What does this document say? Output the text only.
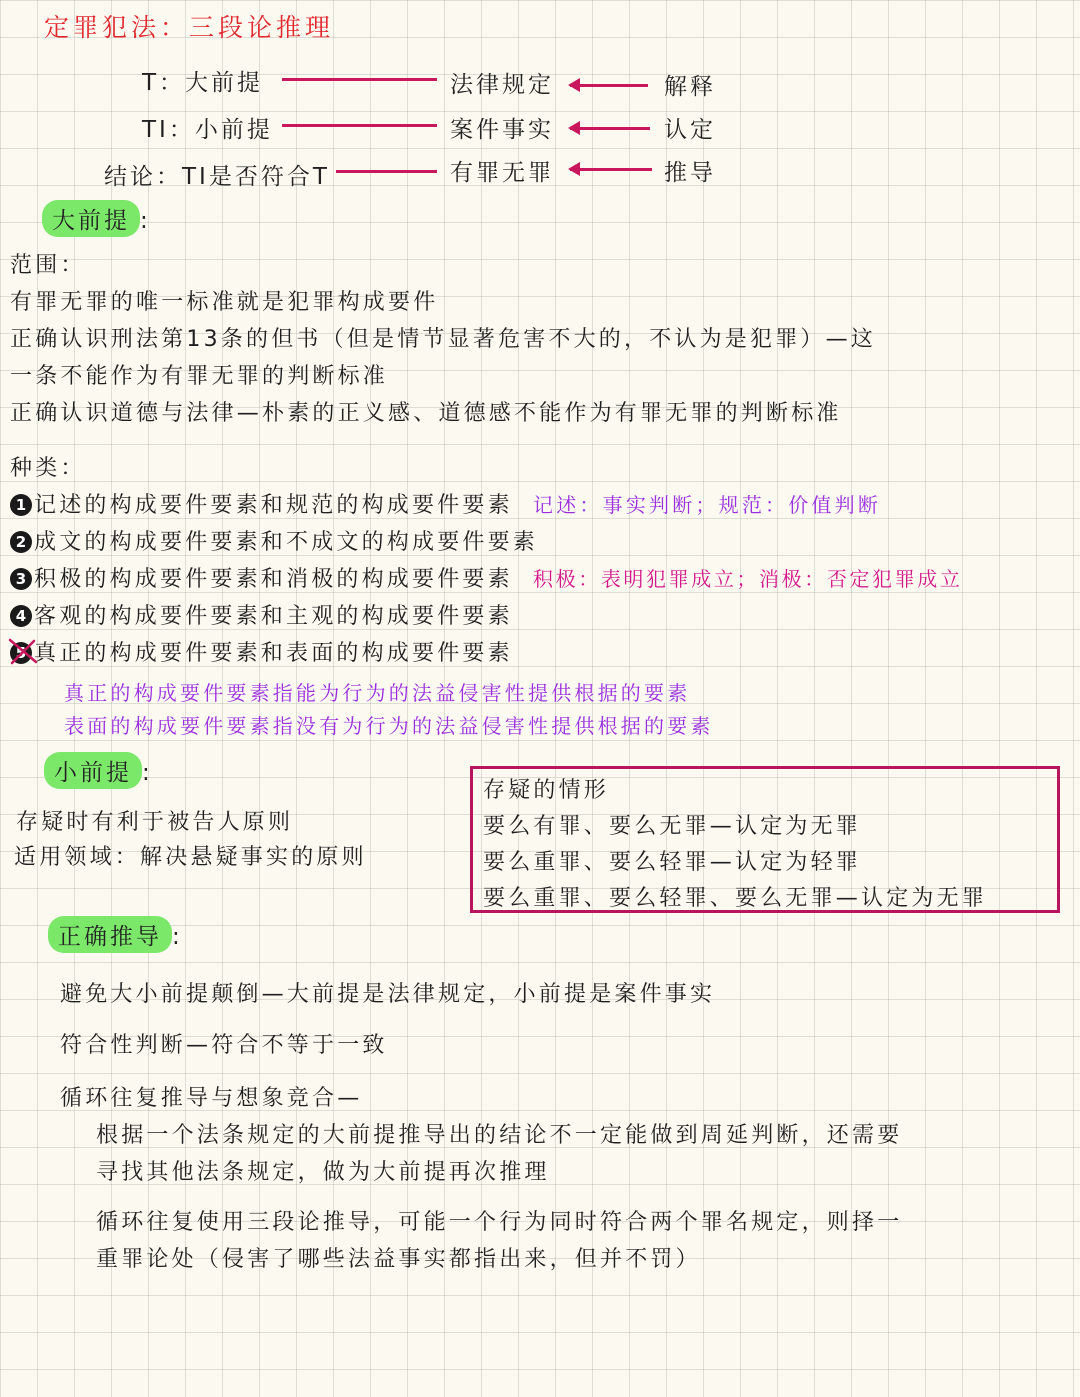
定罪犯法：三段论推理
T：大前提	法律规定	解释
TI：小前提	案件事实	认定
结论：TI是否符合T	有罪无罪	推导
大前提 :
范围：
有罪无罪的唯一标准就是犯罪构成要件
正确认识刑法第13条的但书（但是情节显著危害不大的，不认为是犯罪）—这
一条不能作为有罪无罪的判断标准
正确认识道德与法律—朴素的正义感、道德感不能作为有罪无罪的判断标准
种类：
1 记述的构成要件要素和规范的构成要件要素 记述：事实判断；规范：价值判断
2 成文的构成要件要素和不成文的构成要件要素
3 积极的构成要件要素和消极的构成要件要素 积极：表明犯罪成立；消极：否定犯罪成立
4 客观的构成要件要素和主观的构成要件要素
5 真正的构成要件要素和表面的构成要件要素
真正的构成要件要素指能为行为的法益侵害性提供根据的要素
表面的构成要件要素指没有为行为的法益侵害性提供根据的要素
小前提 :
存疑时有利于被告人原则
适用领域：解决悬疑事实的原则
存疑的情形
要么有罪、要么无罪—认定为无罪
要么重罪、要么轻罪—认定为轻罪
要么重罪、要么轻罪、要么无罪—认定为无罪
正确推导 :
避免大小前提颠倒—大前提是法律规定，小前提是案件事实
符合性判断—符合不等于一致
循环往复推导与想象竞合—
根据一个法条规定的大前提推导出的结论不一定能做到周延判断，还需要
寻找其他法条规定，做为大前提再次推理
循环往复使用三段论推导，可能一个行为同时符合两个罪名规定，则择一
重罪论处（侵害了哪些法益事实都指出来，但并不罚）
